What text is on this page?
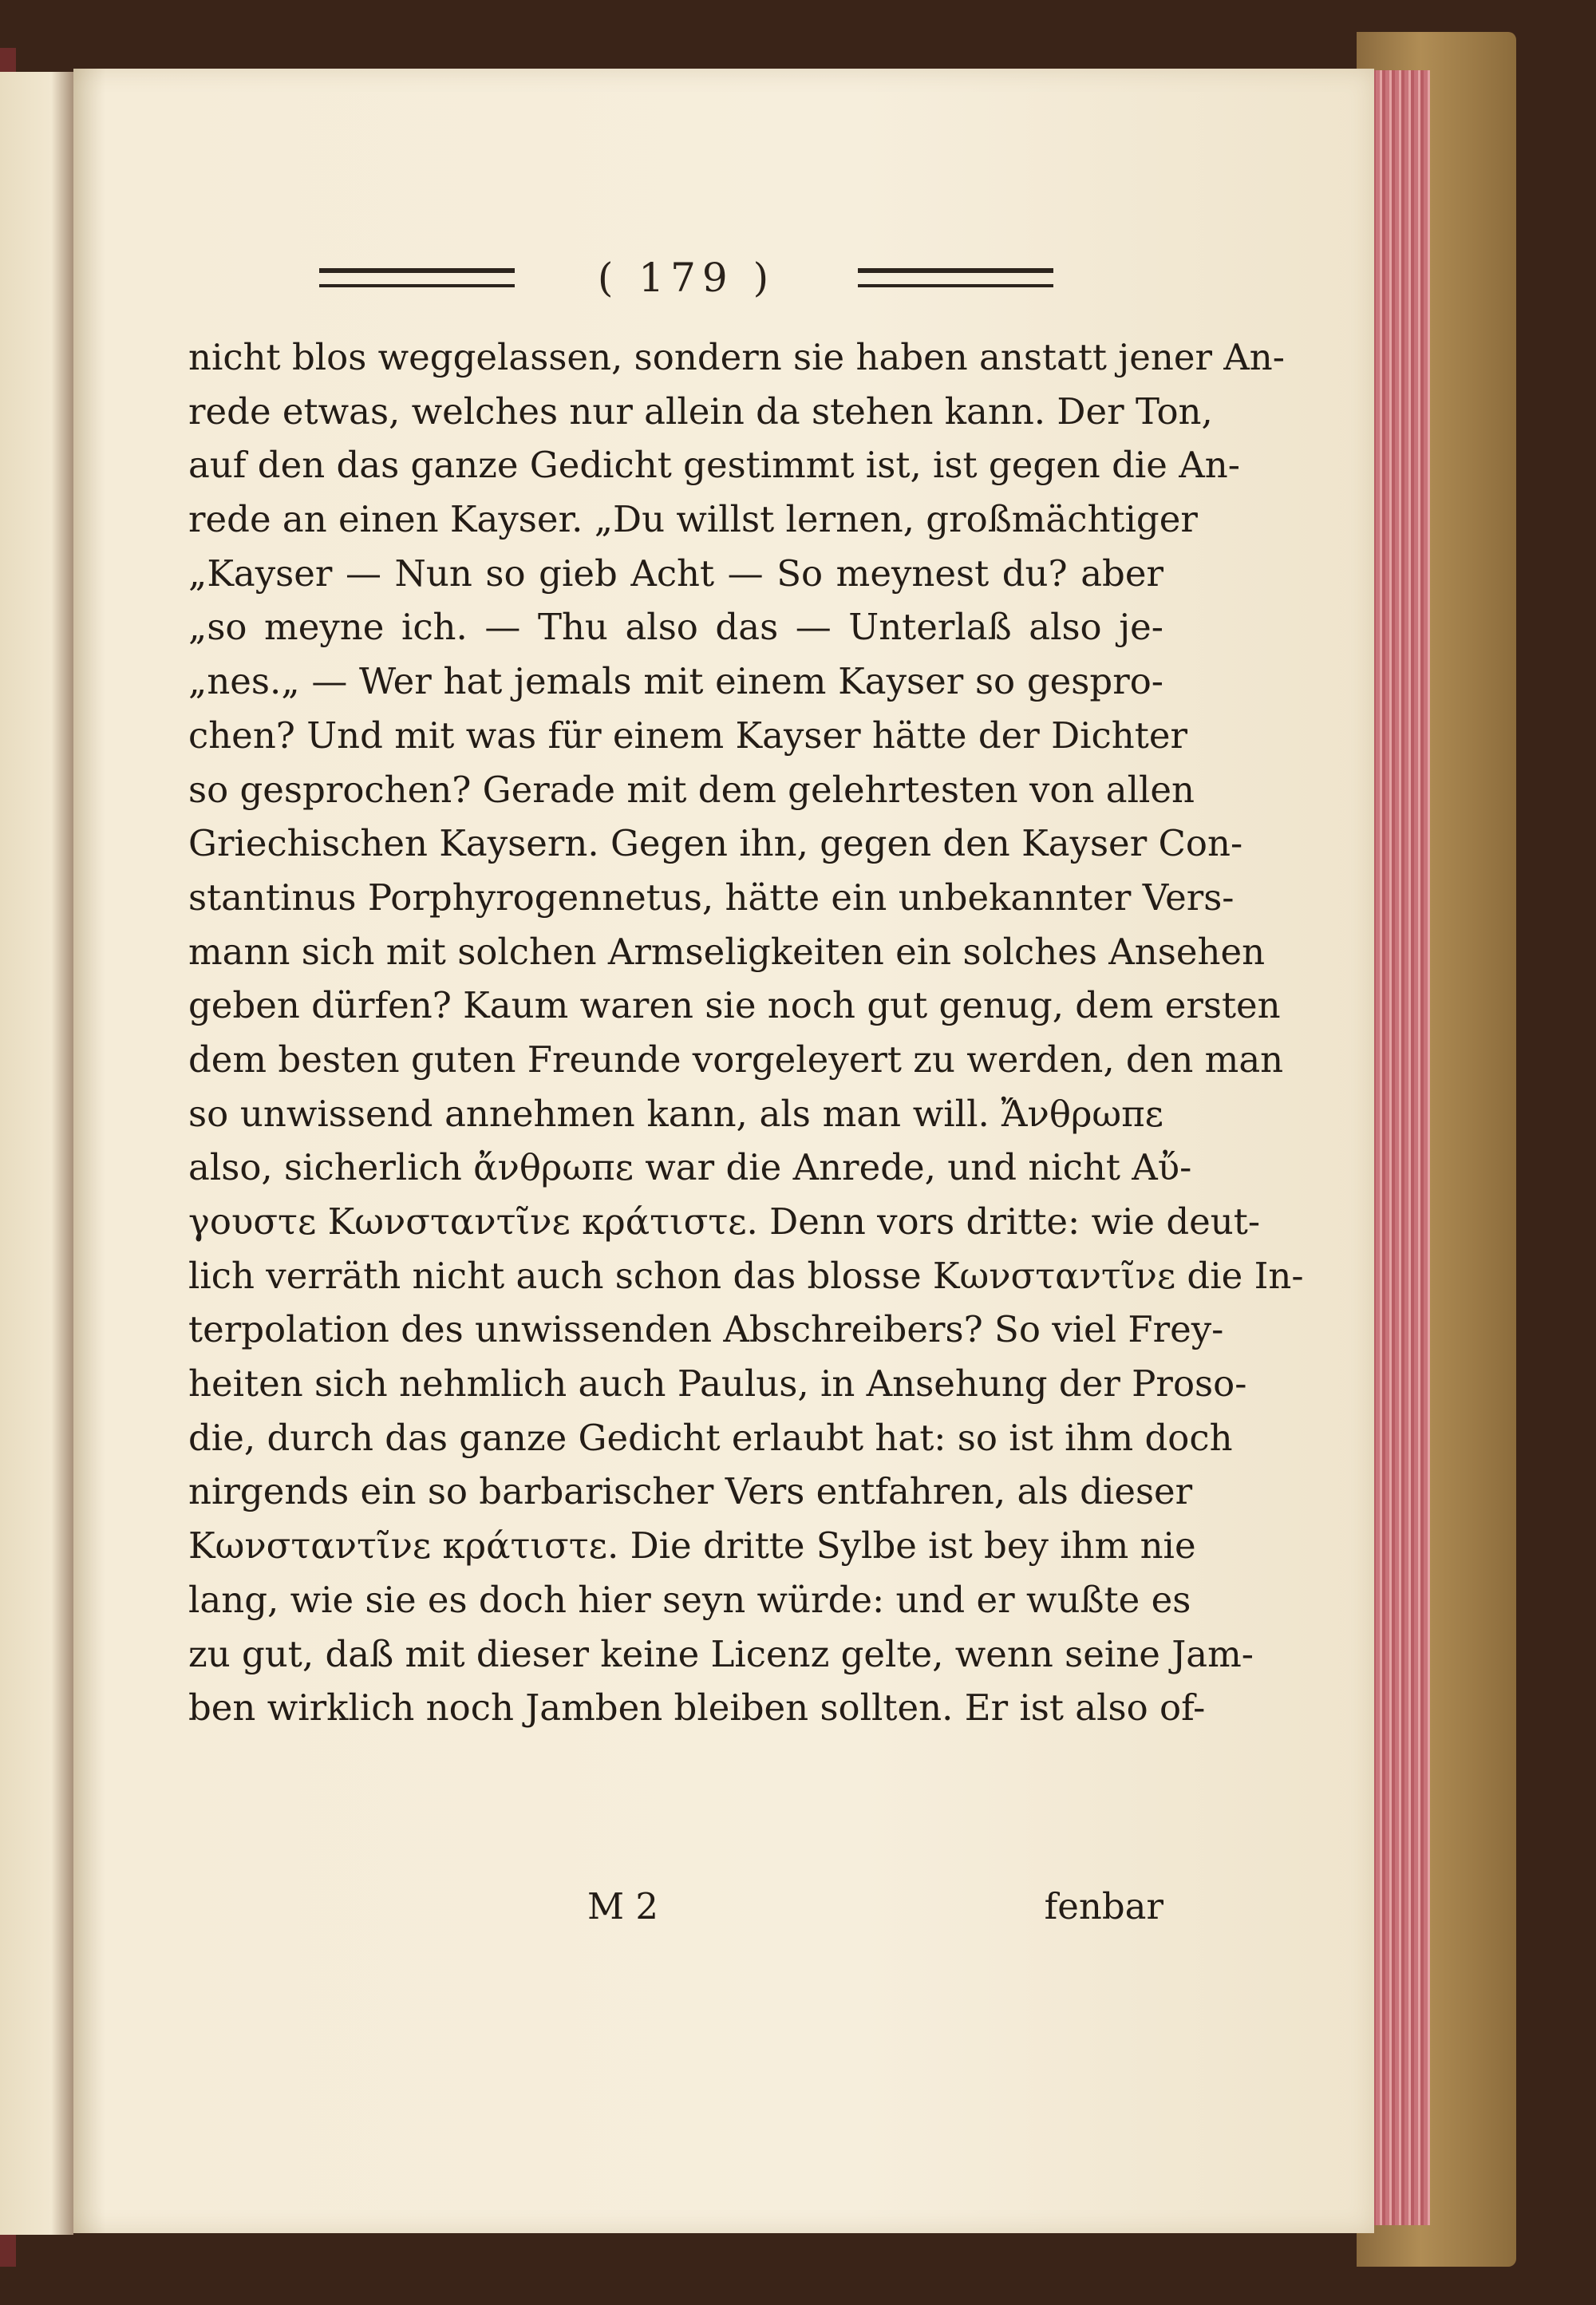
( 179 )
nicht blos weggelassen, sondern sie haben anstatt jener An-
rede etwas, welches nur allein da stehen kann. Der Ton,
auf den das ganze Gedicht gestimmt ist, ist gegen die An-
rede an einen Kayser. „Du willst lernen, großmächtiger
„Kayser — Nun so gieb Acht — So meynest du? aber
„so meyne ich. — Thu also das — Unterlaß also je-
„nes.„ — Wer hat jemals mit einem Kayser so gespro-
chen? Und mit was für einem Kayser hätte der Dichter
so gesprochen? Gerade mit dem gelehrtesten von allen
Griechischen Kaysern. Gegen ihn, gegen den Kayser Con-
stantinus Porphyrogennetus, hätte ein unbekannter Vers-
mann sich mit solchen Armseligkeiten ein solches Ansehen
geben dürfen? Kaum waren sie noch gut genug, dem ersten
dem besten guten Freunde vorgeleyert zu werden, den man
so unwissend annehmen kann, als man will. Ἄνθρωπε
also, sicherlich ἄνθρωπε war die Anrede, und nicht Αὔ-
γουστε Κωνσταντῖνε κράτιστε. Denn vors dritte: wie deut-
lich verräth nicht auch schon das blosse Κωνσταντῖνε die In-
terpolation des unwissenden Abschreibers? So viel Frey-
heiten sich nehmlich auch Paulus, in Ansehung der Proso-
die, durch das ganze Gedicht erlaubt hat: so ist ihm doch
nirgends ein so barbarischer Vers entfahren, als dieser
Κωνσταντῖνε κράτιστε. Die dritte Sylbe ist bey ihm nie
lang, wie sie es doch hier seyn würde: und er wußte es
zu gut, daß mit dieser keine Licenz gelte, wenn seine Jam-
ben wirklich noch Jamben bleiben sollten. Er ist also of-
M 2	fenbar
